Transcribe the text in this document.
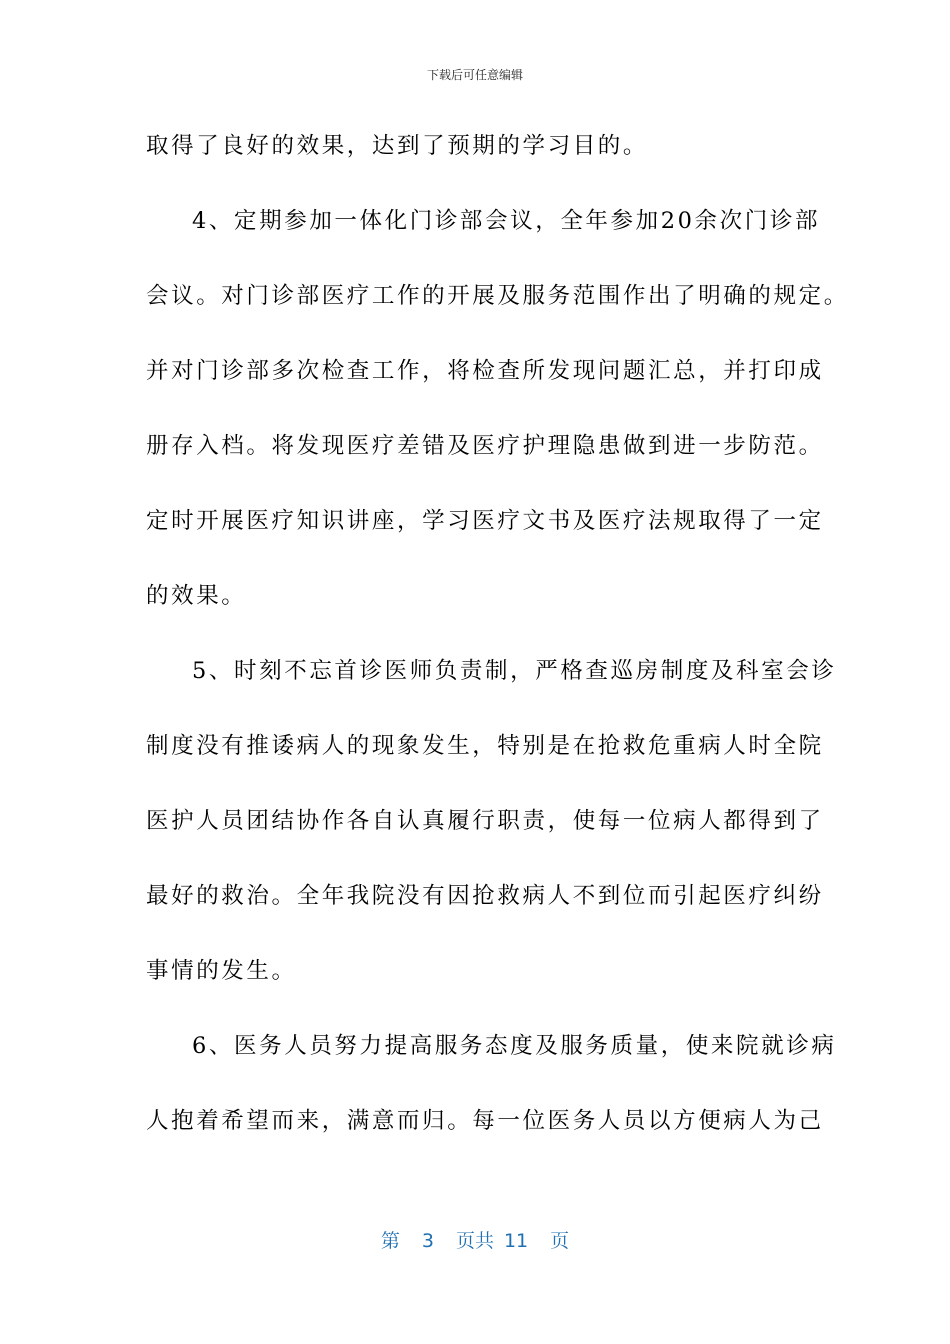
下载后可任意编辑
取得了良好的效果，达到了预期的学习目的。
4、定期参加一体化门诊部会议，全年参加20余次门诊部
会议。对门诊部医疗工作的开展及服务范围作出了明确的规定。
并对门诊部多次检查工作，将检查所发现问题汇总，并打印成
册存入档。将发现医疗差错及医疗护理隐患做到进一步防范。
定时开展医疗知识讲座，学习医疗文书及医疗法规取得了一定
的效果。
5、时刻不忘首诊医师负责制，严格查巡房制度及科室会诊
制度没有推诿病人的现象发生，特别是在抢救危重病人时全院
医护人员团结协作各自认真履行职责，使每一位病人都得到了
最好的救治。全年我院没有因抢救病人不到位而引起医疗纠纷
事情的发生。
6、医务人员努力提高服务态度及服务质量，使来院就诊病
人抱着希望而来，满意而归。每一位医务人员以方便病人为己
第 3 页共 11 页
